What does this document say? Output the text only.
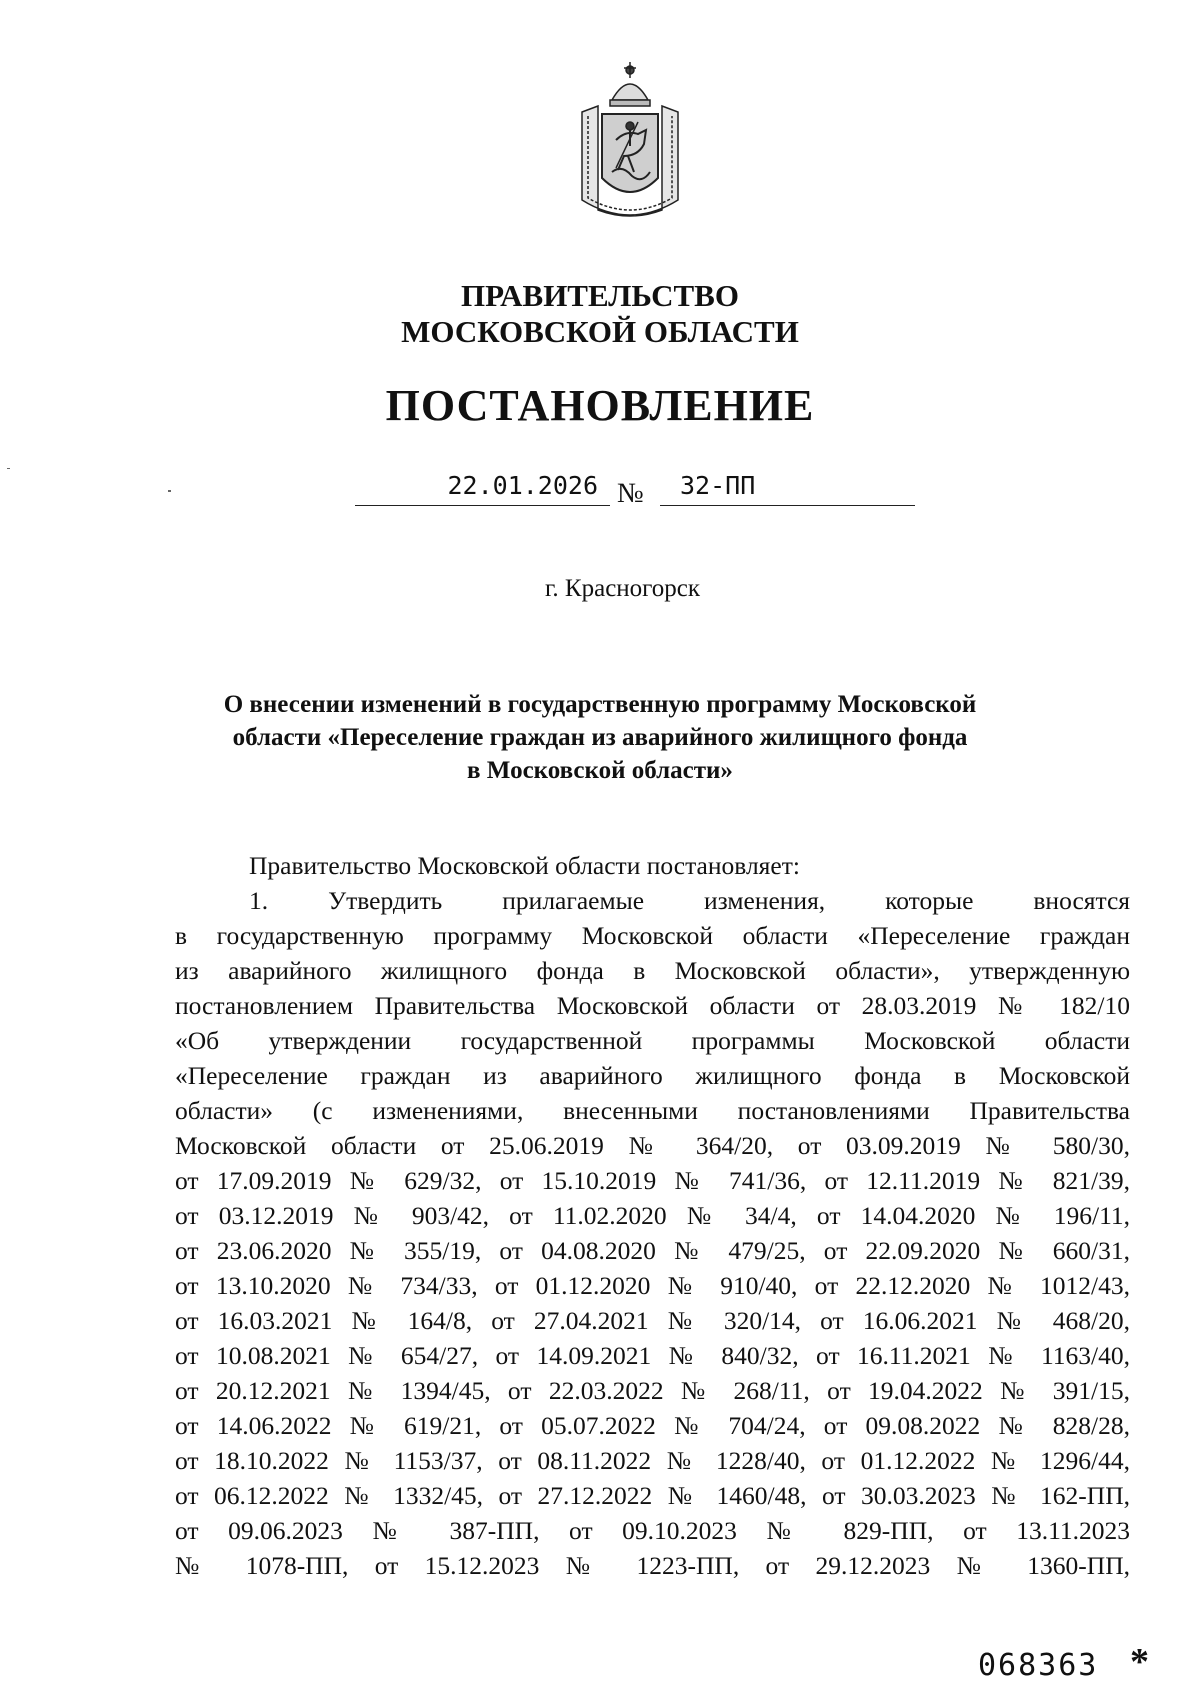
ПРАВИТЕЛЬСТВО
МОСКОВСКОЙ ОБЛАСТИ
ПОСТАНОВЛЕНИЕ
22.01.2026 №	32-ПП
г. Красногорск
О внесении изменений в государственную программу Московской
области «Переселение граждан из аварийного жилищного фонда
в Московской области»
Правительство Московской области постановляет:
1. Утвердить прилагаемые изменения, которые вносятся
в государственную программу Московской области «Переселение граждан
из аварийного жилищного фонда в Московской области», утвержденную
постановлением Правительства Московской области от 28.03.2019 № 182/10
«Об утверждении государственной программы Московской области
«Переселение граждан из аварийного жилищного фонда в Московской
области» (с изменениями, внесенными постановлениями Правительства
Московской области от 25.06.2019 № 364/20, от 03.09.2019 № 580/30,
от 17.09.2019 № 629/32, от 15.10.2019 № 741/36, от 12.11.2019 № 821/39,
от 03.12.2019 № 903/42, от 11.02.2020 № 34/4, от 14.04.2020 № 196/11,
от 23.06.2020 № 355/19, от 04.08.2020 № 479/25, от 22.09.2020 № 660/31,
от 13.10.2020 № 734/33, от 01.12.2020 № 910/40, от 22.12.2020 № 1012/43,
от 16.03.2021 № 164/8, от 27.04.2021 № 320/14, от 16.06.2021 № 468/20,
от 10.08.2021 № 654/27, от 14.09.2021 № 840/32, от 16.11.2021 № 1163/40,
от 20.12.2021 № 1394/45, от 22.03.2022 № 268/11, от 19.04.2022 № 391/15,
от 14.06.2022 № 619/21, от 05.07.2022 № 704/24, от 09.08.2022 № 828/28,
от 18.10.2022 № 1153/37, от 08.11.2022 № 1228/40, от 01.12.2022 № 1296/44,
от 06.12.2022 № 1332/45, от 27.12.2022 № 1460/48, от 30.03.2023 № 162-ПП,
от 09.06.2023 № 387-ПП, от 09.10.2023 № 829-ПП, от 13.11.2023
№ 1078-ПП, от 15.12.2023 № 1223-ПП, от 29.12.2023 № 1360-ПП,
068363 *
